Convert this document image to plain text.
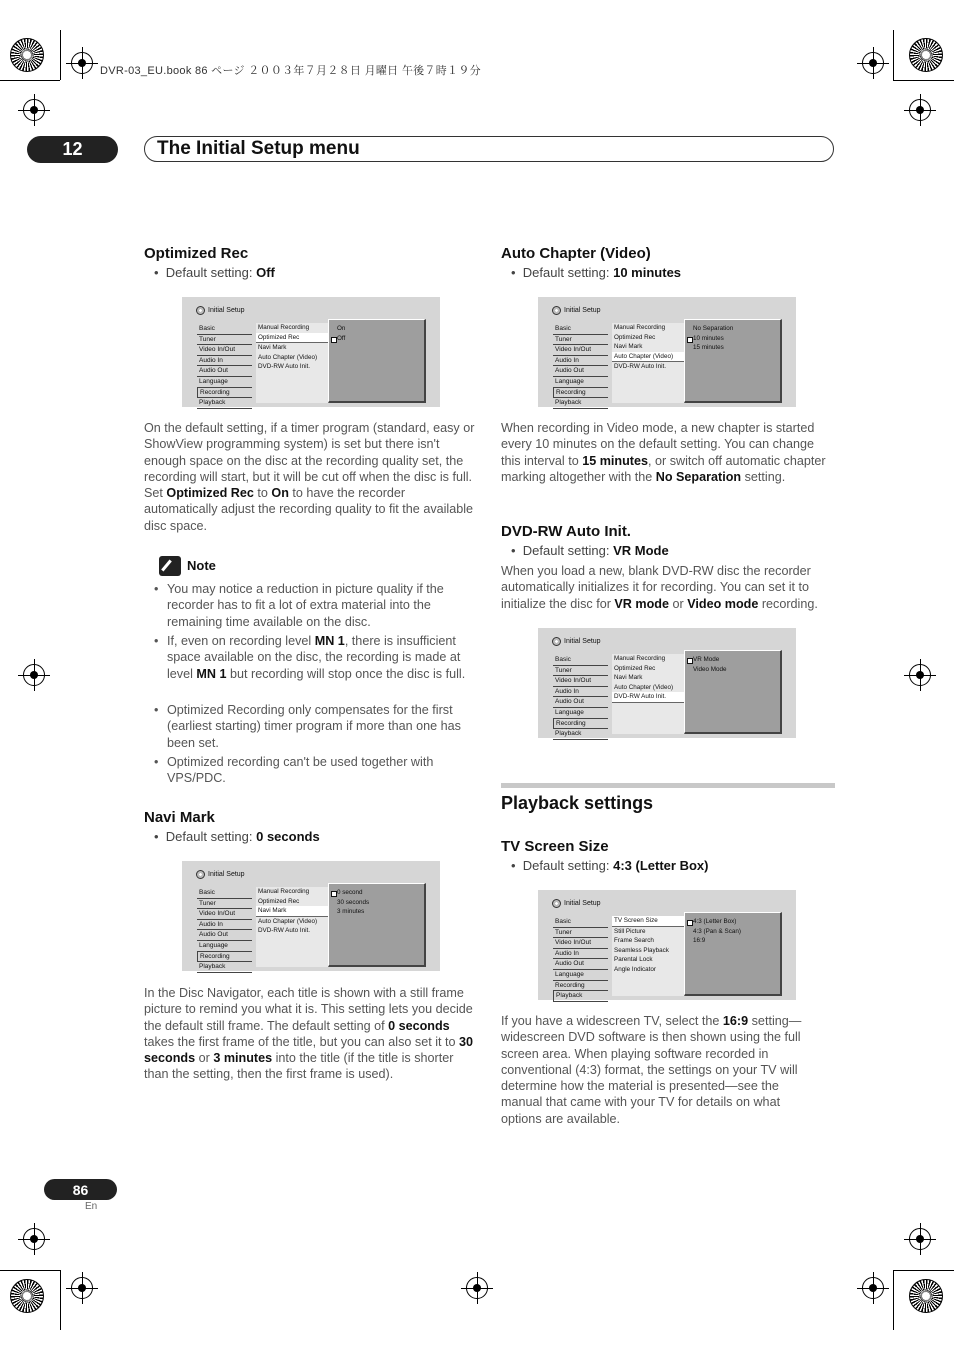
DVR-03_EU.book 86 ページ ２００３年７月２８日 月曜日 午後７時１９分
12	The Initial Setup menu
Optimized Rec
•  Default setting: Off
Initial Setup
Basic
Tuner
Video In/Out
Audio In
Audio Out
Language
Recording
Playback
Manual Recording
Optimized Rec
Navi Mark
Auto Chapter (Video)
DVD-RW Auto Init.
On
Off
On the default setting, if a timer program (standard, easy or ShowView programming system) is set but there isn't enough space on the disc at the recording quality set, the recording will start, but it will be cut off when the disc is full. Set Optimized Rec to On to have the recorder automatically adjust the recording quality to fit the available disc space.
Note
• You may notice a reduction in picture quality if the recorder has to fit a lot of extra material into the remaining time available on the disc.
• If, even on recording level MN 1, there is insufficient space available on the disc, the recording is made at level MN 1 but recording will stop once the disc is full.
• Optimized Recording only compensates for the first (earliest starting) timer program if more than one has been set.
• Optimized recording can't be used together with VPS/PDC.
Navi Mark
•  Default setting: 0 seconds
Initial Setup
Basic
Tuner
Video In/Out
Audio In
Audio Out
Language
Recording
Playback
Manual Recording
Optimized Rec
Navi Mark
Auto Chapter (Video)
DVD-RW Auto Init.
0 second
30 seconds
3 minutes
In the Disc Navigator, each title is shown with a still frame picture to remind you what it is. This setting lets you decide the default still frame. The default setting of 0 seconds takes the first frame of the title, but you can also set it to 30 seconds or 3 minutes into the title (if the title is shorter than the setting, then the first frame is used).
Auto Chapter (Video)
•  Default setting: 10 minutes
Initial Setup
Basic
Tuner
Video In/Out
Audio In
Audio Out
Language
Recording
Playback
Manual Recording
Optimized Rec
Navi Mark
Auto Chapter (Video)
DVD-RW Auto Init.
No Separation
10 minutes
15 minutes
When recording in Video mode, a new chapter is started every 10 minutes on the default setting. You can change this interval to 15 minutes, or switch off automatic chapter marking altogether with the No Separation setting.
DVD-RW Auto Init.
•  Default setting: VR Mode
When you load a new, blank DVD-RW disc the recorder automatically initializes it for recording. You can set it to initialize the disc for VR mode or Video mode recording.
Initial Setup
Basic
Tuner
Video In/Out
Audio In
Audio Out
Language
Recording
Playback
Manual Recording
Optimized Rec
Navi Mark
Auto Chapter (Video)
DVD-RW Auto Init.
VR Mode
Video Mode
Playback settings
TV Screen Size
•  Default setting: 4:3 (Letter Box)
Initial Setup
Basic
Tuner
Video In/Out
Audio In
Audio Out
Language
Recording
Playback
TV Screen Size
Still Picture
Frame Search
Seamless Playback
Parental Lock
Angle Indicator
4:3 (Letter Box)
4:3 (Pan & Scan)
16:9
If you have a widescreen TV, select the 16:9 setting—widescreen DVD software is then shown using the full screen area. When playing software recorded in conventional (4:3) format, the settings on your TV will determine how the material is presented—see the manual that came with your TV for details on what options are available.
86
En
